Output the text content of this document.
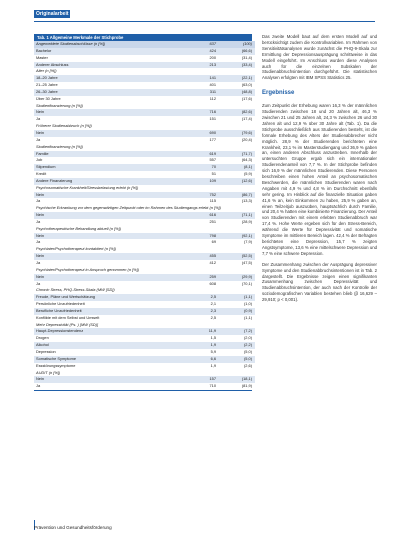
Originalarbeit
Tab. 1 Allgemeine Merkmale der Stichprobe
Angemeldete Studienabschlüsse (n [%])	637	(100)
Bachelor	424	(66,6)
Master	200	(31,4)
Anderer Abschluss	213	(33,4)
Alter (n [%])		
18–20 Jahre	141	(22,1)
21–25 Jahre	401	(63,0)
26–30 Jahre	311	(48,8)
Über 30 Jahre	112	(17,6)
Studienfinanzierung (n [%])		
Nein	716	(82,6)
Ja	151	(17,4)
Früherer Studienabbruch (n [%])		
Nein	690	(79,6)
Ja	177	(20,4)
Studienfinanzierung (n [%])		
Familie	619	(71,7)
Job	557	(64,3)
Stipendium	70	(8,1)
Kredit	51	(5,9)
Andere Finanzierung	109	(12,6)
Psychosomatische Krankheit/Stressbelastung erlebt (n [%])		
Nein	752	(86,7)
Ja	115	(13,3)
Psychische Erkrankung vor dem gegenwärtigen Zeitpunkt oder im Rahmen des Studiengangs erlebt (n [%])		
Nein	616	(71,1)
Ja	251	(28,9)
Psychotherapeutische Behandlung aktuell (n [%])		
Nein	798	(92,1)
Ja	69	(7,9)
Psychiater/Psychotherapeut kontaktiert (n [%])		
Nein	455	(52,5)
Ja	412	(47,5)
Psychiater/Psychotherapeut in Anspruch genommen (n [%])		
Nein	259	(29,9)
Ja	608	(70,1)
Chronic Stress, PHQ-Stress-Skala (MW [SD])		
Freude, Pläne und Wertschätzung	2,5	(1,1)
Persönliche Unzufriedenheit	2,1	(1,0)
Berufliche Unzufriedenheit	2,3	(0,9)
Konflikte mit dem Selbst und Umwelt	2,5	(1,1)
Mehr Depressivität (Ps. ) [MW (SD)]		
Haupt-Depressionstendenz	11,9	(7,2)
Drogen	1,5	(2,0)
Alkohol	1,9	(2,2)
Depression	5,9	(5,0)
Somatische Symptome	6,6	(5,0)
Essstörungssymptome	1,9	(2,6)
AUDIT (n [%])		
Nein	157	(18,1)
Ja	710	(81,9)

Das zweite Modell baut auf dem ersten Modell auf und berücksichtigt zudem die Kontrollvariablen. Im Rahmen von Sensitivitätsanalysen wurde zunächst die PHQ-9-Skala zur Ermittlung der Depressionsausprägung schrittweise in das Modell eingeführt. Im Anschluss wurden diese Analysen auch für die einzelnen Subskalen der Studienabbruchsintention durchgeführt. Die statistischen Analysen erfolgten mit IBM SPSS Statistics 25.

Ergebnisse

Zum Zeitpunkt der Erhebung waren 16,3 % der männlichen Studierenden zwischen 18 und 20 Jahren alt, 46,3 % zwischen 21 und 25 Jahren alt, 24,3 % zwischen 26 und 30 Jahren alt und 12,9 % über 30 Jahre alt (Tab. 1). Da die Stichprobe ausschließlich aus Studierenden besteht, ist die formale Erhebung des Alters der Studienabbrecher nicht möglich. 28,9 % der Studierenden berichteten eine Krankheit, 23,1 % im Masterstudiengang und 36,9 % gaben an, einen anderen Abschluss anzustreben. Innerhalb der untersuchten Gruppe ergab sich ein internationaler Studierendenanteil von 7,7 %. In der Stichprobe befinden sich 16,9 % der männlichen Studierenden. Diese Personen beschreiben einen hohen Anteil an psychosomatischen Beschwerden, die männlichen Studierenden waren nach Angaben mit 4,9 % und 4,8 % im Durchschnitt ebenfalls sehr gering. Im Hinblick auf die finanzielle Situation gaben 41,6 % an, kein Einkommen zu haben, 25,9 % gaben an, einen Teilzeitjob auszuüben, hauptsächlich durch Familie, und 20,4 % hatten eine kombinierte Finanzierung. Der Anteil von Studierenden mit einem erlebten Studienabbruch war 17,4 %. Hohe Werte ergeben sich für den Stress-Bereich, während die Werte für Depressivität und somatische Symptome im mittleren Bereich lagen. 42,4 % der Befragten berichteten eine Depression, 15,7 % zeigten Angstsymptome, 13,6 % eine mittelschwere Depression und 7,7 % eine schwere Depression.

Der Zusammenhang zwischen der Ausprägung depressiver Symptome und den Studienabbruchsintentionen ist in Tab. 2 dargestellt. Die Ergebnisse zeigen einen signifikanten Zusammenhang zwischen Depressivität und Studienabbruchsintention, der auch nach der Kontrolle der soziodemografischen Variablen bestehen blieb (β 16,629 – 29,910; p < 0,001).

Prävention und Gesundheitsförderung
